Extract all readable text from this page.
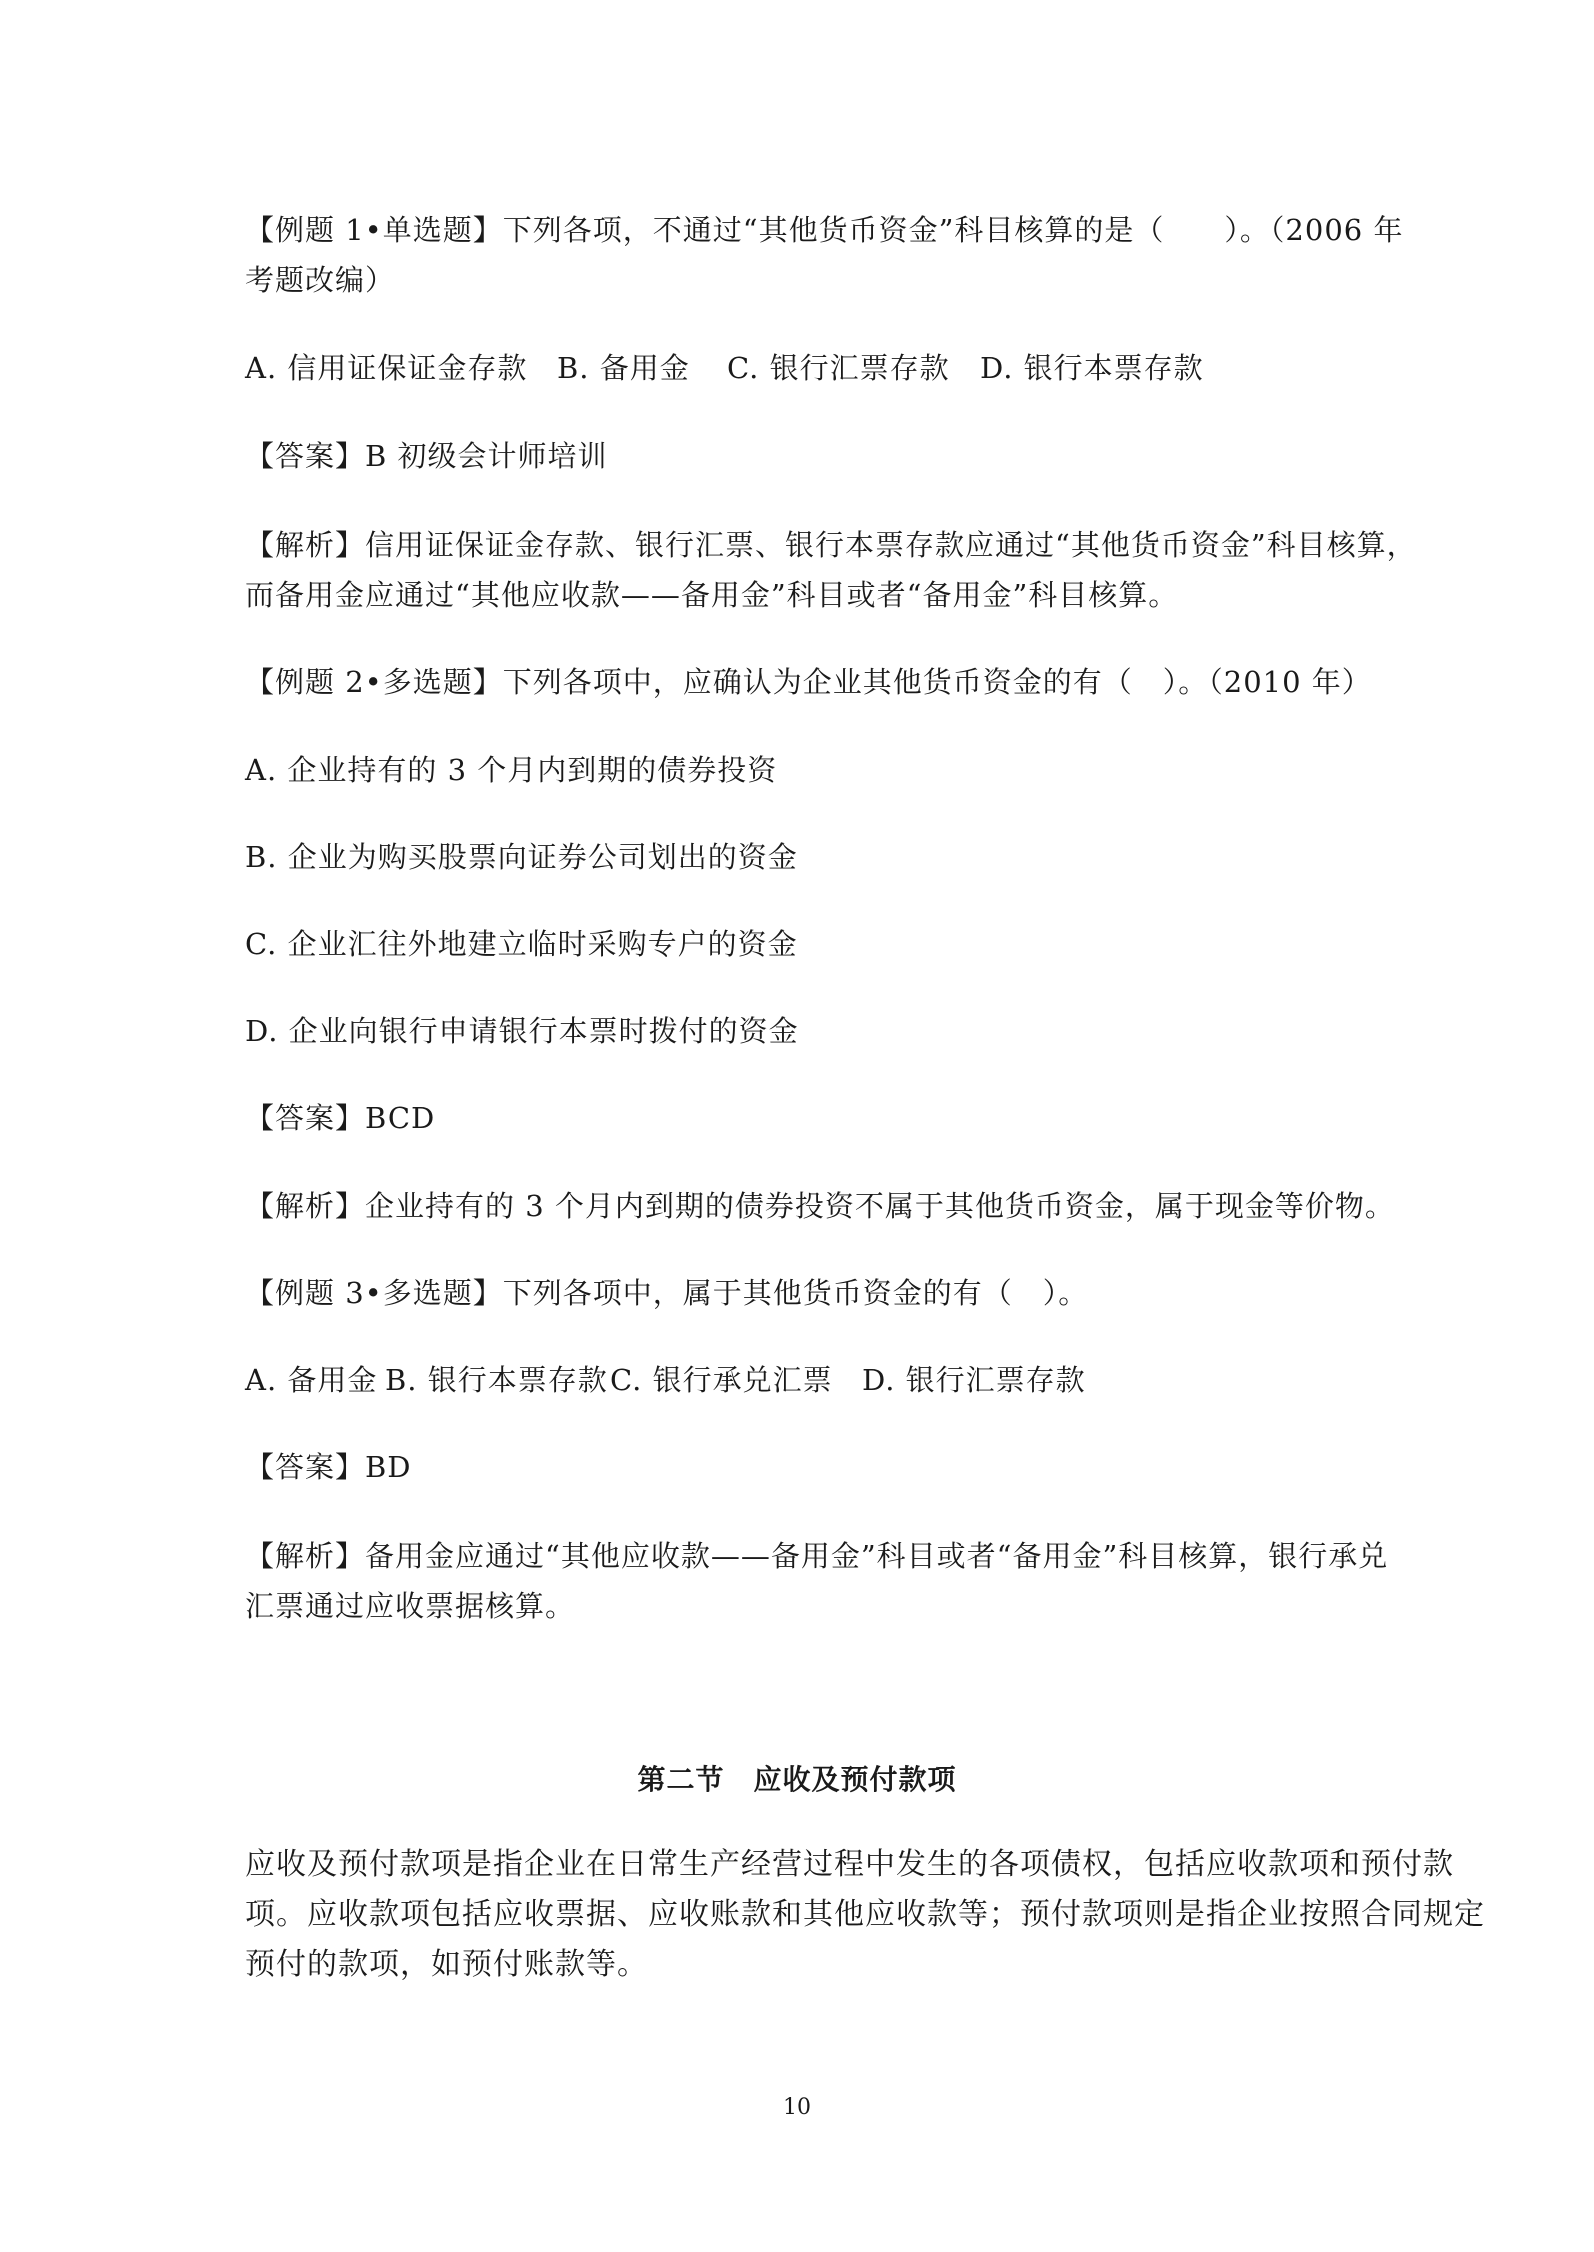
【例题 1•单选题】下列各项，不通过“其他货币资金”科目核算的是（　　）。（2006 年
考题改编）
A. 信用证保证金存款 B. 备用金 C. 银行汇票存款 D. 银行本票存款
【答案】B 初级会计师培训
【解析】信用证保证金存款、银行汇票、银行本票存款应通过“其他货币资金”科目核算，
而备用金应通过“其他应收款——备用金”科目或者“备用金”科目核算。
【例题 2•多选题】下列各项中，应确认为企业其他货币资金的有（　）。（2010 年）
A. 企业持有的 3 个月内到期的债券投资
B. 企业为购买股票向证券公司划出的资金
C. 企业汇往外地建立临时采购专户的资金
D. 企业向银行申请银行本票时拨付的资金
【答案】BCD
【解析】企业持有的 3 个月内到期的债券投资不属于其他货币资金，属于现金等价物。
【例题 3•多选题】下列各项中，属于其他货币资金的有（　）。
A. 备用金 B. 银行本票存款C. 银行承兑汇票 D. 银行汇票存款
【答案】BD
【解析】备用金应通过“其他应收款——备用金”科目或者“备用金”科目核算，银行承兑
汇票通过应收票据核算。
第二节　应收及预付款项
应收及预付款项是指企业在日常生产经营过程中发生的各项债权，包括应收款项和预付款
项。应收款项包括应收票据、应收账款和其他应收款等；预付款项则是指企业按照合同规定
预付的款项，如预付账款等。
10
